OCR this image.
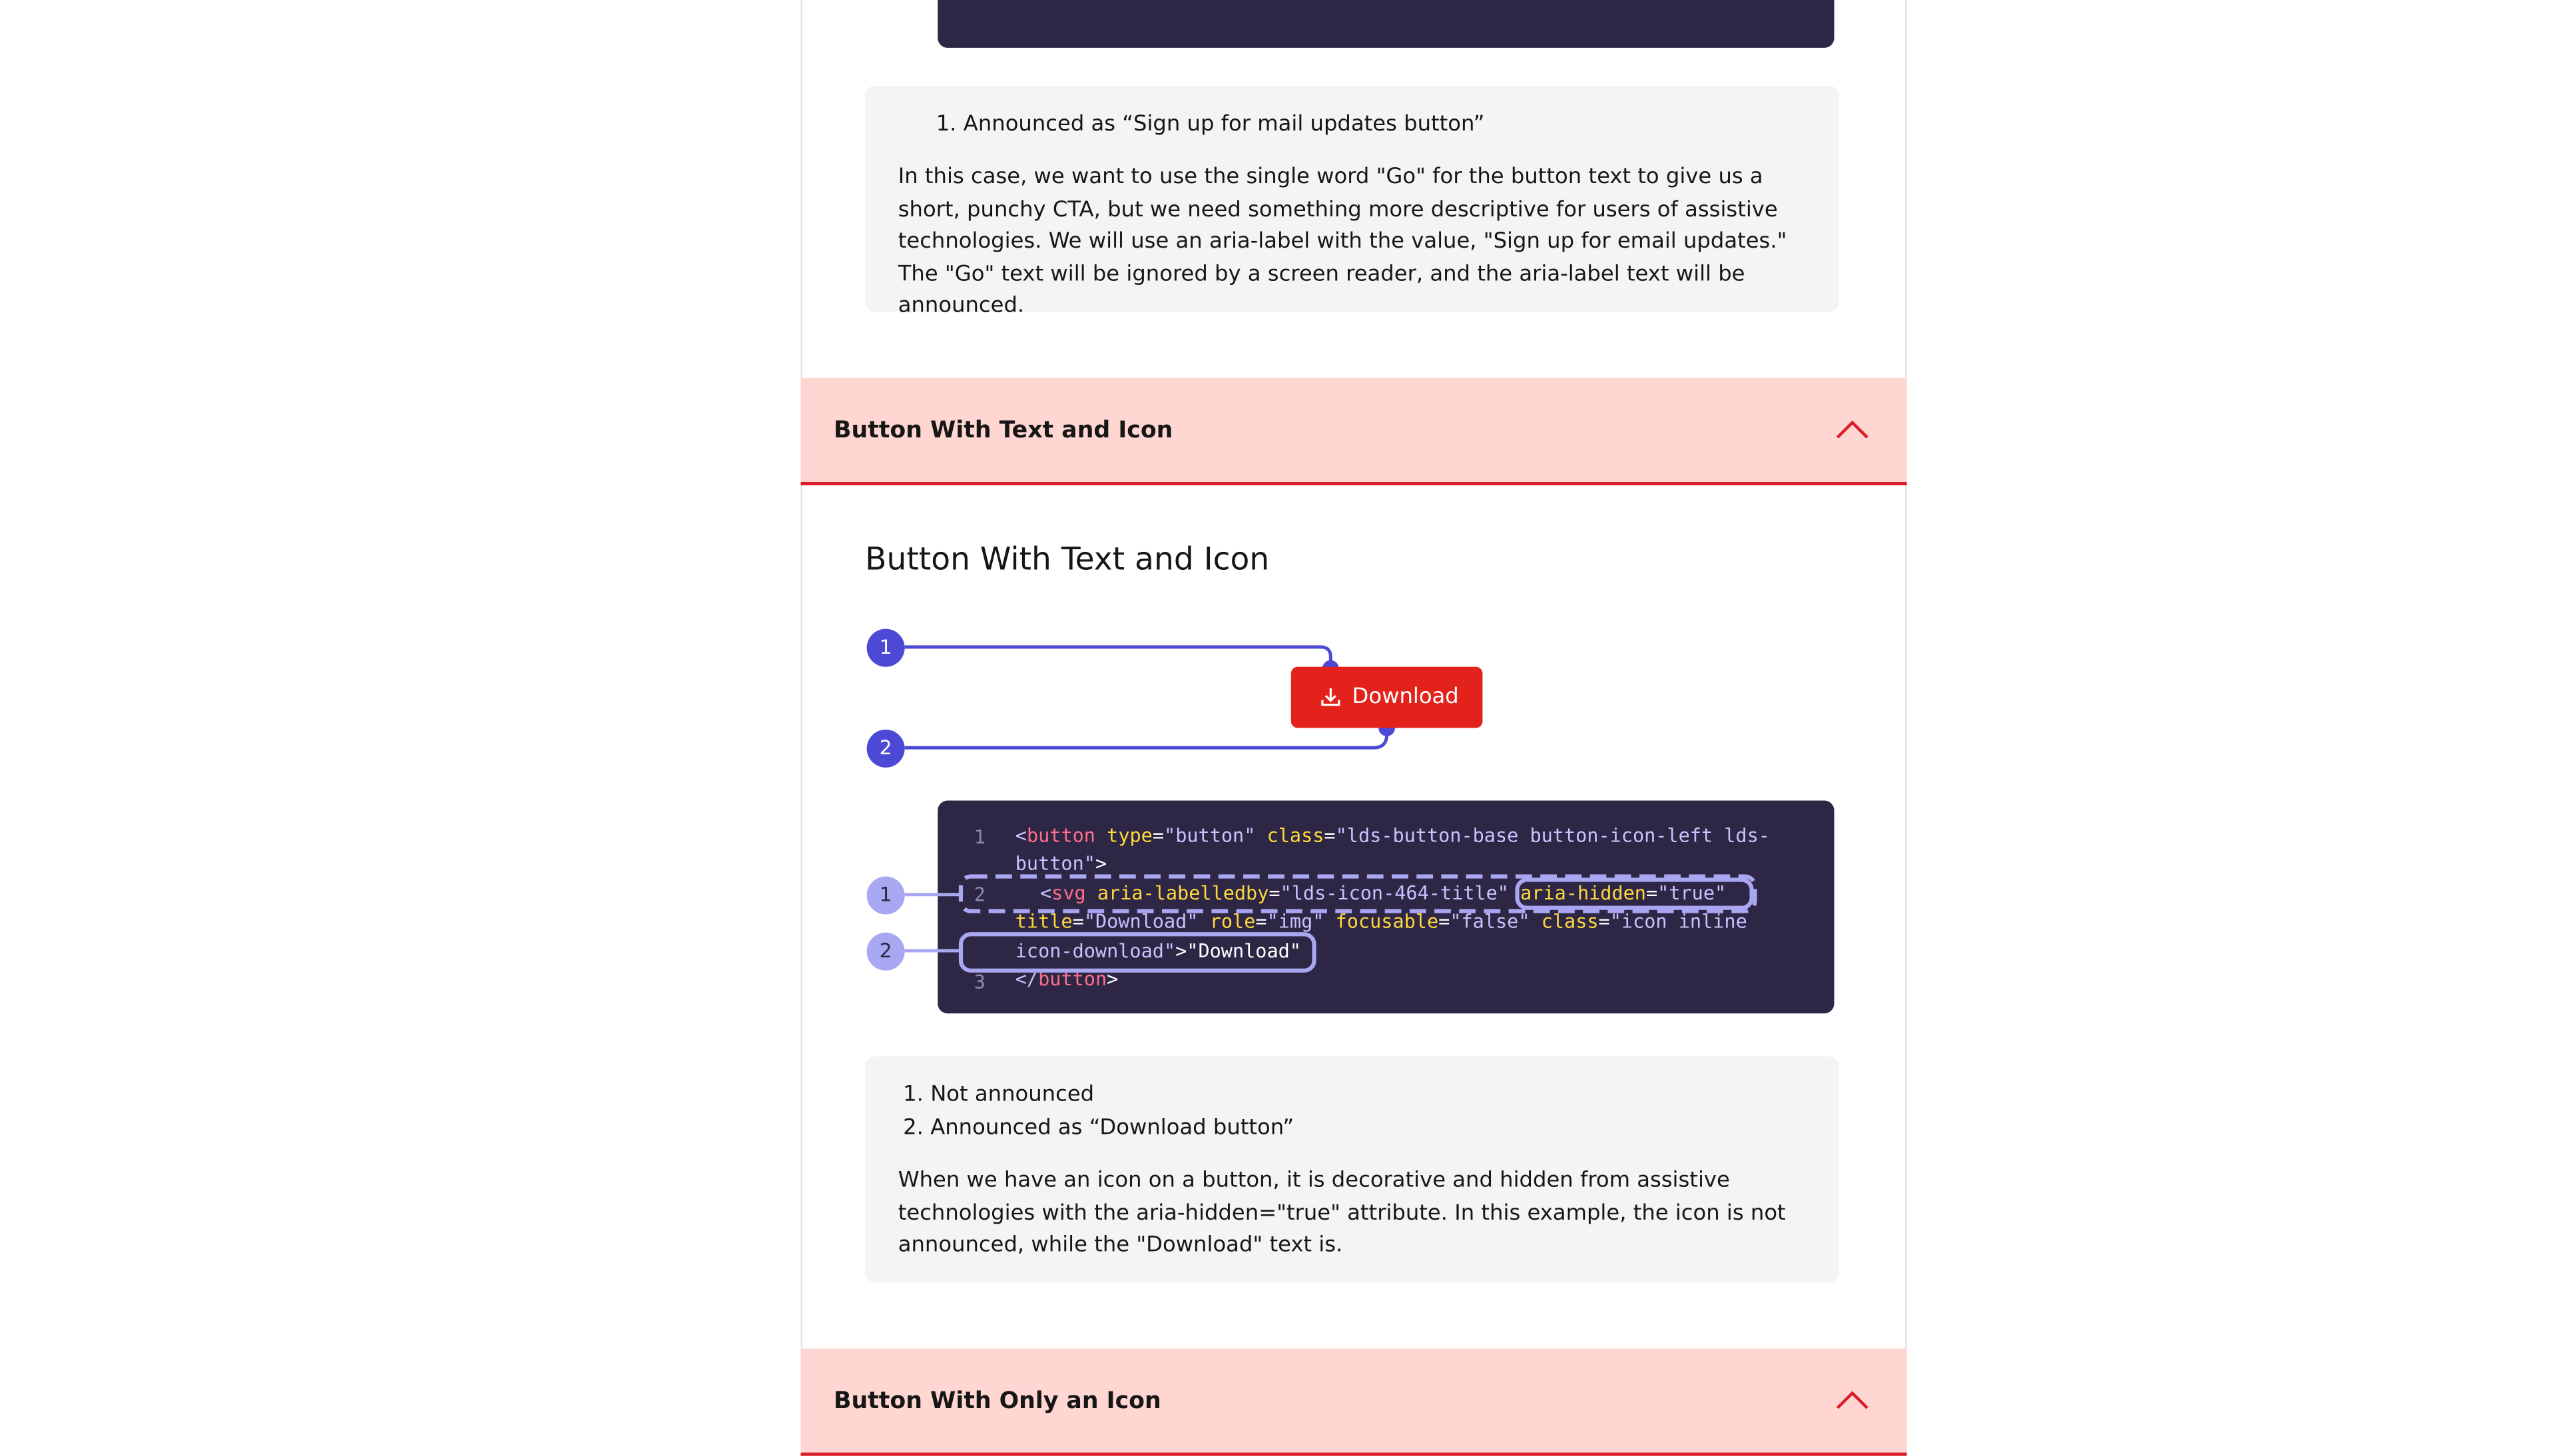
1. Announced as “Sign up for mail updates button”
In this case, we want to use the single word "Go" for the button text to give us a short, punchy CTA, but we need something more descriptive for users of assistive technologies. We will use an aria-label with the value, "Sign up for email updates." The "Go" text will be ignored by a screen reader, and the aria-label text will be announced.
Button With Text and Icon
Button With Text and Icon
1
2
Download
1
2
3
<button type="button" class="lds-button-base button-icon-left lds-
button">
<svg aria-labelledby="lds-icon-464-title" aria-hidden="true"
title="Download" role="img" focusable="false" class="icon inline
icon-download">"Download"
</button>
1
2
1. Not announced
2. Announced as “Download button”
When we have an icon on a button, it is decorative and hidden from assistive technologies with the aria-hidden="true" attribute. In this example, the icon is not announced, while the "Download" text is.
Button With Only an Icon
